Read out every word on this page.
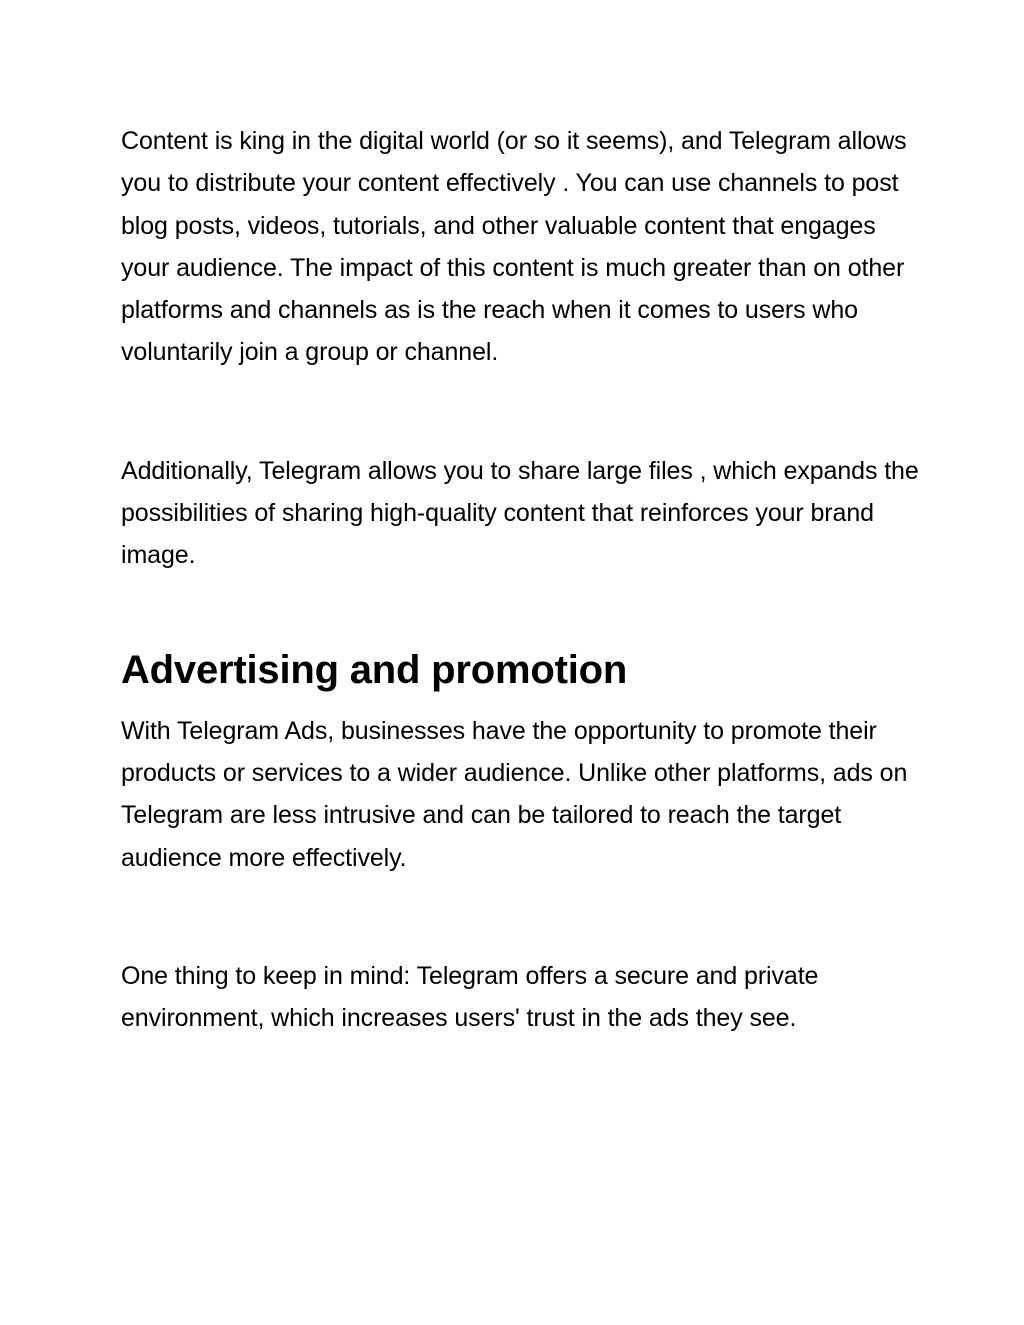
Content is king in the digital world (or so it seems), and Telegram allows you to distribute your content effectively . You can use channels to post blog posts, videos, tutorials, and other valuable content that engages your audience. The impact of this content is much greater than on other platforms and channels as is the reach when it comes to users who voluntarily join a group or channel.

Additionally, Telegram allows you to share large files , which expands the possibilities of sharing high-quality content that reinforces your brand image.

Advertising and promotion

With Telegram Ads, businesses have the opportunity to promote their products or services to a wider audience. Unlike other platforms, ads on Telegram are less intrusive and can be tailored to reach the target audience more effectively.

One thing to keep in mind: Telegram offers a secure and private environment, which increases users' trust in the ads they see.
